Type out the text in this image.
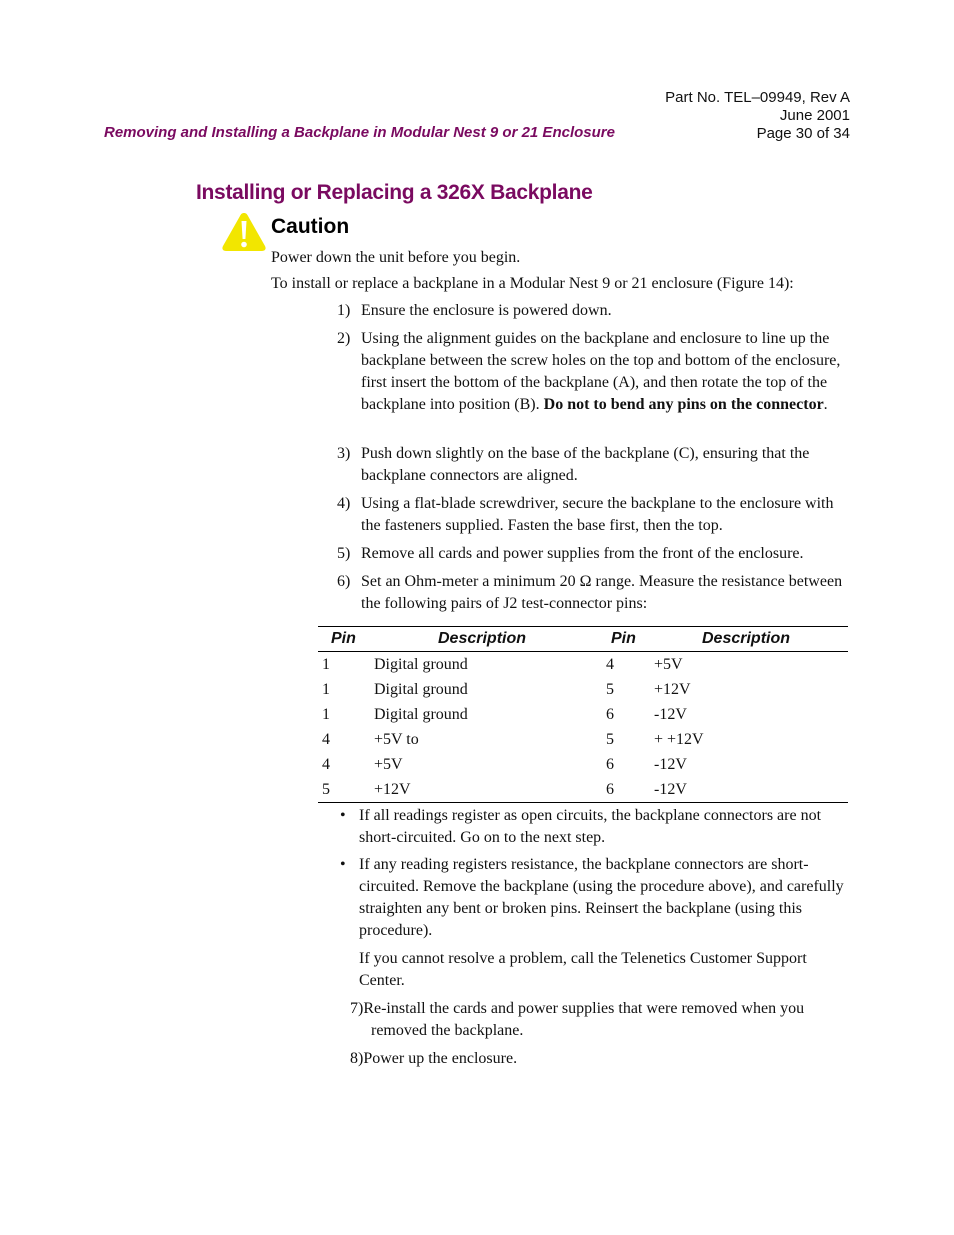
Part No. TEL–09949, Rev A
June 2001
Page 30 of 34
Removing and Installing a Backplane in Modular Nest 9 or 21 Enclosure
Installing or Replacing a 326X Backplane
Caution
Power down the unit before you begin.
To install or replace a backplane in a Modular Nest 9 or 21 enclosure (Figure 14):
1) Ensure the enclosure is powered down.
2) Using the alignment guides on the backplane and enclosure to line up the backplane between the screw holes on the top and bottom of the enclosure, first insert the bottom of the backplane (A), and then rotate the top of the backplane into position (B). Do not to bend any pins on the connector.
3) Push down slightly on the base of the backplane (C), ensuring that the backplane connectors are aligned.
4) Using a flat-blade screwdriver, secure the backplane to the enclosure with the fasteners supplied. Fasten the base first, then the top.
5) Remove all cards and power supplies from the front of the enclosure.
6) Set an Ohm-meter a minimum 20 Ω range. Measure the resistance between the following pairs of J2 test-connector pins:
Pin	Description	Pin	Description
1	Digital ground	4	+5V
1	Digital ground	5	+12V
1	Digital ground	6	-12V
4	+5V to	5	+ +12V
4	+5V	6	-12V
5	+12V	6	-12V
• If all readings register as open circuits, the backplane connectors are not short-circuited. Go on to the next step.
• If any reading registers resistance, the backplane connectors are short-circuited. Remove the backplane (using the procedure above), and carefully straighten any bent or broken pins. Reinsert the backplane (using this procedure).
If you cannot resolve a problem, call the Telenetics Customer Support Center.
7)Re-install the cards and power supplies that were removed when you removed the backplane.
8)Power up the enclosure.
